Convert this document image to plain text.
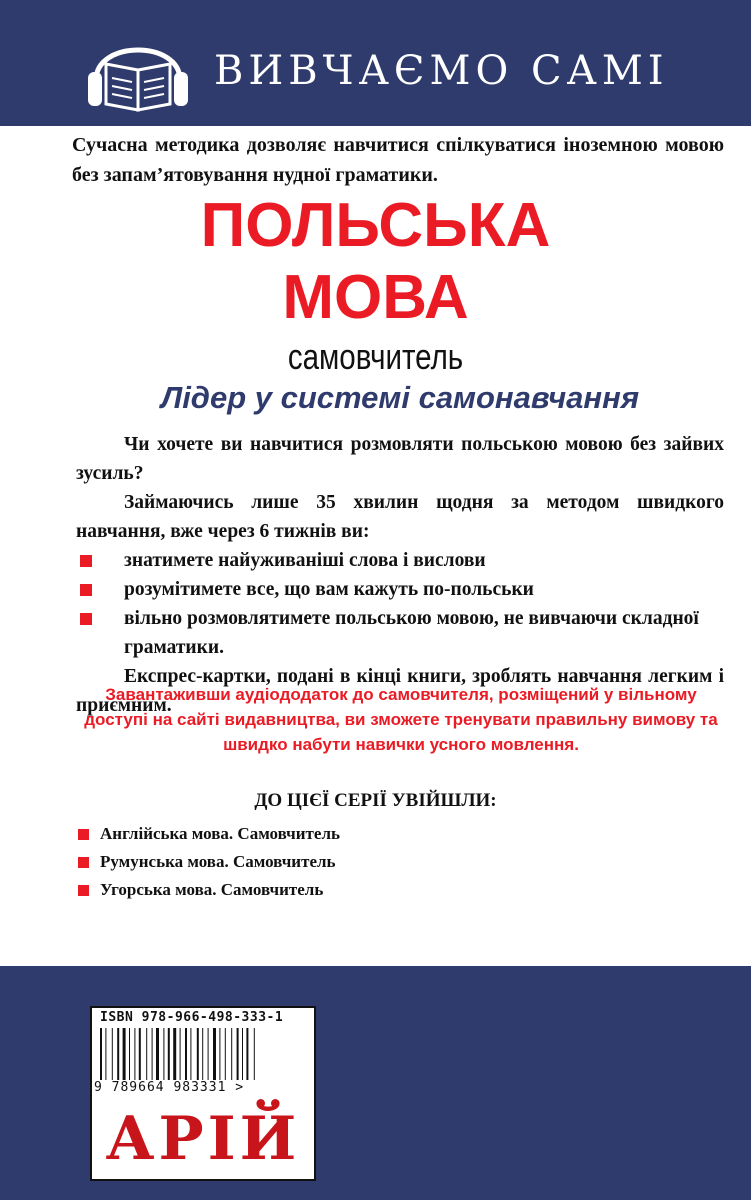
ВИВЧАЄМО САМІ
Сучасна методика дозволяє навчитися спілкуватися іноземною мовою без запам’ятовування нудної граматики.
ПОЛЬСЬКА
МОВА
самовчитель
Лідер у системі самонавчання

Чи хочете ви навчитися розмовляти польською мовою без зайвих зусиль?

Займаючись лише 35 хвилин щодня за методом швидкого навчання, вже через 6 тижнів ви:

знатимете найуживаніші слова і вислови

розумітимете все, що вам кажуть по-польськи

вільно розмовлятимете польською мовою, не вивчаючи складної граматики.

Експрес-картки, подані в кінці книги, зроблять навчання легким і приємним.

Завантаживши аудіододаток до самовчителя, розміщений у вільному доступі на сайті видавництва, ви зможете тренувати правильну вимову та швидко набути навички усного мовлення.
ДО ЦІЄЇ СЕРІЇ УВІЙШЛИ:
Англійська мова. Самовчитель
Румунська мова. Самовчитель
Угорська мова. Самовчитель
ISBN 978-966-498-333-1
9 789664 983331 >
АРІЙ
